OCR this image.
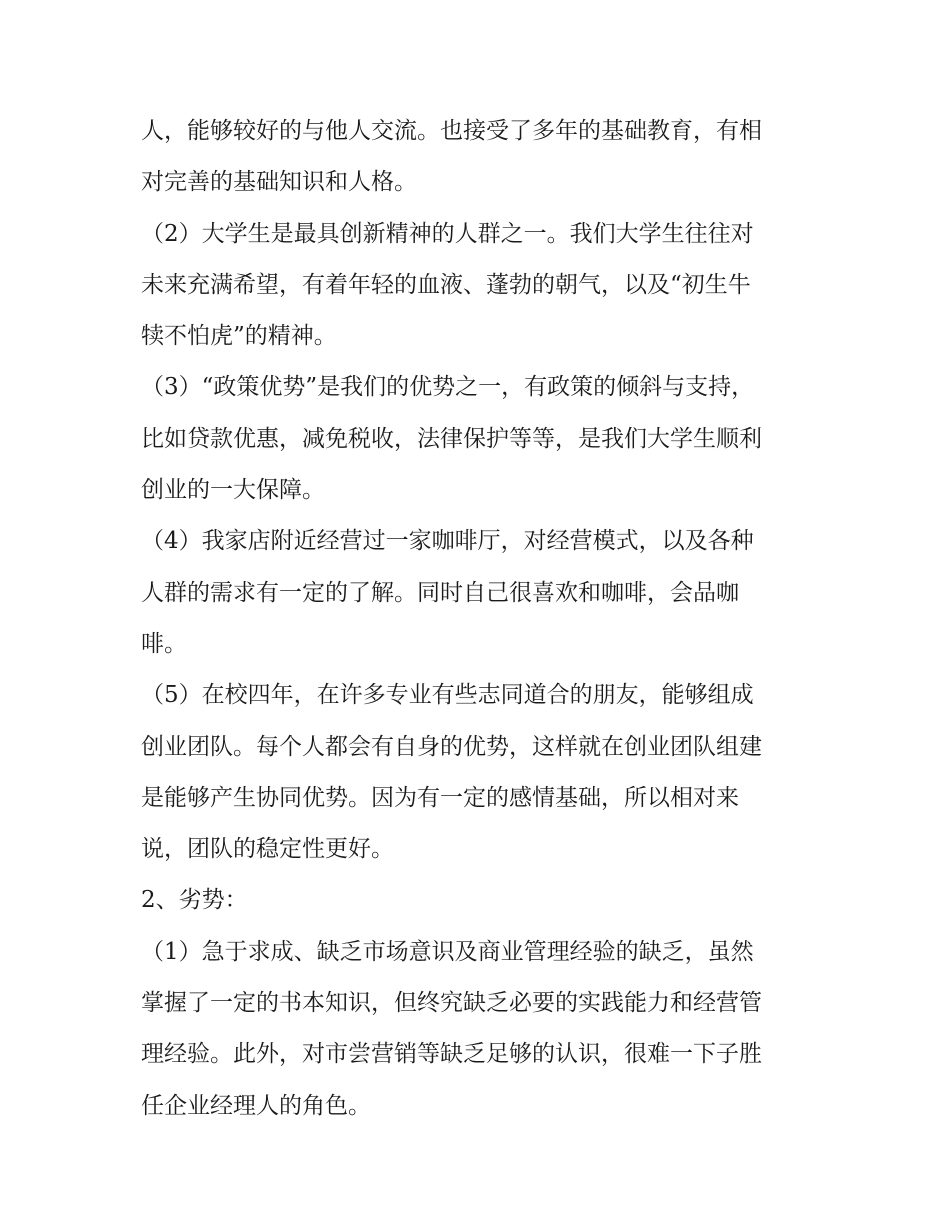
人，能够较好的与他人交流。也接受了多年的基础教育，有相
对完善的基础知识和人格。
（2）大学生是最具创新精神的人群之一。我们大学生往往对
未来充满希望，有着年轻的血液、蓬勃的朝气，以及“初生牛
犊不怕虎”的精神。
（3）“政策优势”是我们的优势之一，有政策的倾斜与支持，
比如贷款优惠，减免税收，法律保护等等，是我们大学生顺利
创业的一大保障。
（4）我家店附近经营过一家咖啡厅，对经营模式，以及各种
人群的需求有一定的了解。同时自己很喜欢和咖啡，会品咖
啡。
（5）在校四年，在许多专业有些志同道合的朋友，能够组成
创业团队。每个人都会有自身的优势，这样就在创业团队组建
是能够产生协同优势。因为有一定的感情基础，所以相对来
说，团队的稳定性更好。
2、劣势：
（1）急于求成、缺乏市场意识及商业管理经验的缺乏，虽然
掌握了一定的书本知识，但终究缺乏必要的实践能力和经营管
理经验。此外，对市尝营销等缺乏足够的认识，很难一下子胜
任企业经理人的角色。
